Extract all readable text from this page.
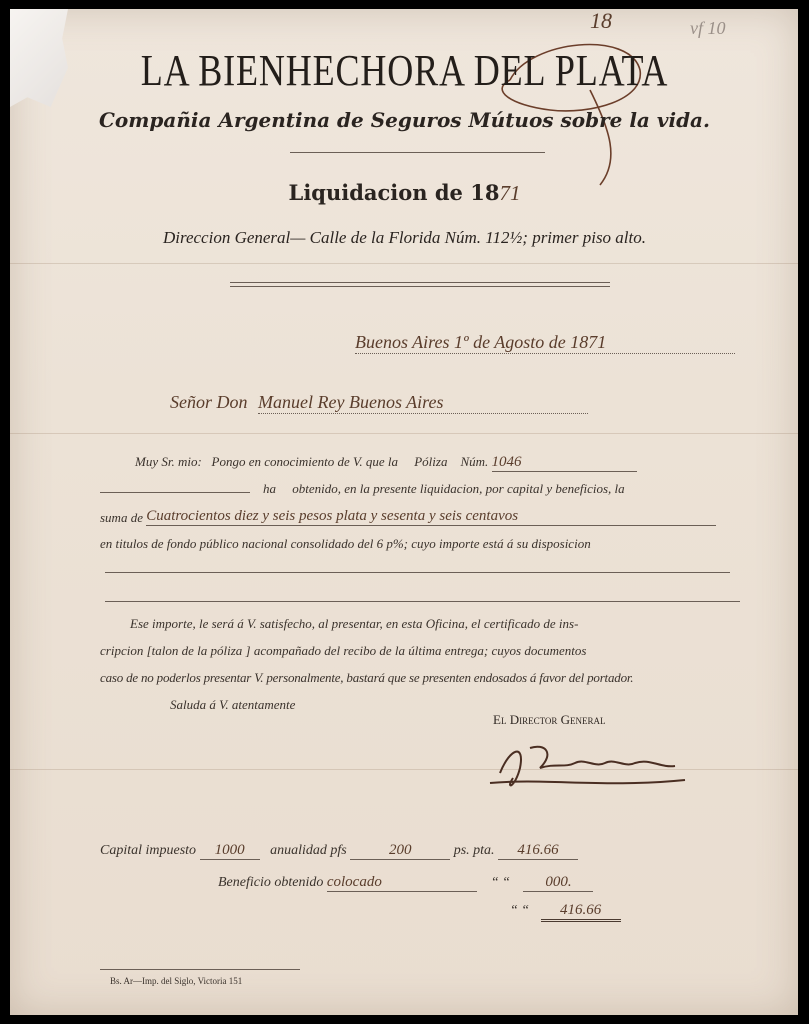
18	vf 10
LA BIENHECHORA DEL PLATA
Compañia Argentina de Seguros Mútuos sobre la vida.
Liquidacion de 1871
Direccion General— Calle de la Florida Núm. 112½; primer piso alto.
Buenos Aires 1º de Agosto de 1871
Señor Don Manuel Rey Buenos Aires
Muy Sr. mio: Pongo en conocimiento de V. que la Póliza Núm. 1046
ha obtenido, en la presente liquidacion, por capital y beneficios, la
suma de Cuatrocientos diez y seis pesos plata y sesenta y seis centavos
en titulos de fondo público nacional consolidado del 6 p%; cuyo importe está á su disposicion
Ese importe, le será á V. satisfecho, al presentar, en esta Oficina, el certificado de ins-
cripcion [talon de la póliza ] acompañado del recibo de la última entrega; cuyos documentos
caso de no poderlos presentar V. personalmente, bastará que se presenten endosados á favor del portador.
Saluda á V. atentamente
El Director General
Capital impuesto 1000 anualidad pfs	200	ps. pta. 416.66
Beneficio obtenido colocado	“ “ 000.
“ “ 416.66
Bs. Ar—Imp. del Siglo, Victoria 151
